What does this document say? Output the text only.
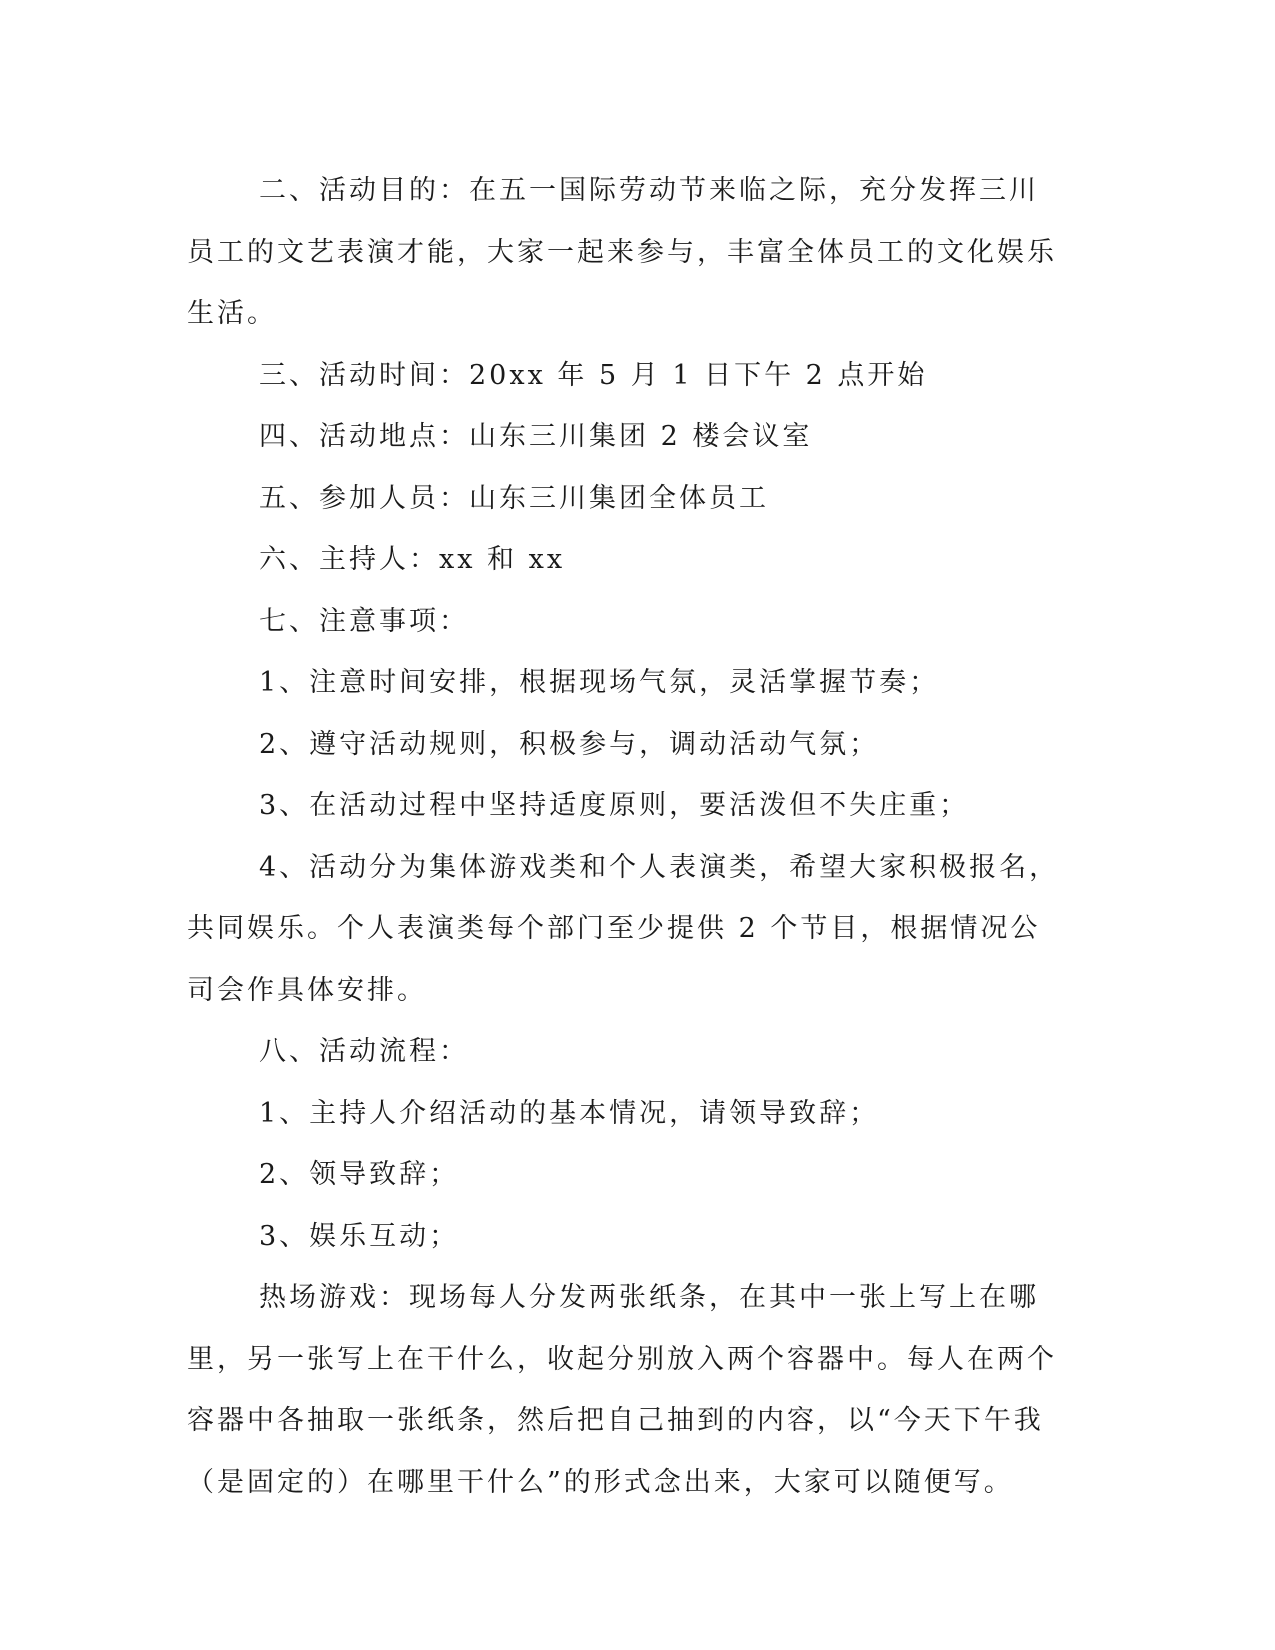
二、活动目的：在五一国际劳动节来临之际，充分发挥三川员工的文艺表演才能，大家一起来参与，丰富全体员工的文化娱乐生活。

三、活动时间：20xx 年 5 月 1 日下午 2 点开始

四、活动地点：山东三川集团 2 楼会议室

五、参加人员：山东三川集团全体员工

六、主持人：xx 和 xx

七、注意事项：

1、注意时间安排，根据现场气氛，灵活掌握节奏；

2、遵守活动规则，积极参与，调动活动气氛；

3、在活动过程中坚持适度原则，要活泼但不失庄重；

4、活动分为集体游戏类和个人表演类，希望大家积极报名，共同娱乐。个人表演类每个部门至少提供 2 个节目，根据情况公司会作具体安排。

八、活动流程：

1、主持人介绍活动的基本情况，请领导致辞；

2、领导致辞；

3、娱乐互动；

热场游戏：现场每人分发两张纸条，在其中一张上写上在哪里，另一张写上在干什么，收起分别放入两个容器中。每人在两个容器中各抽取一张纸条，然后把自己抽到的内容，以“今天下午我（是固定的）在哪里干什么”的形式念出来，大家可以随便写。
